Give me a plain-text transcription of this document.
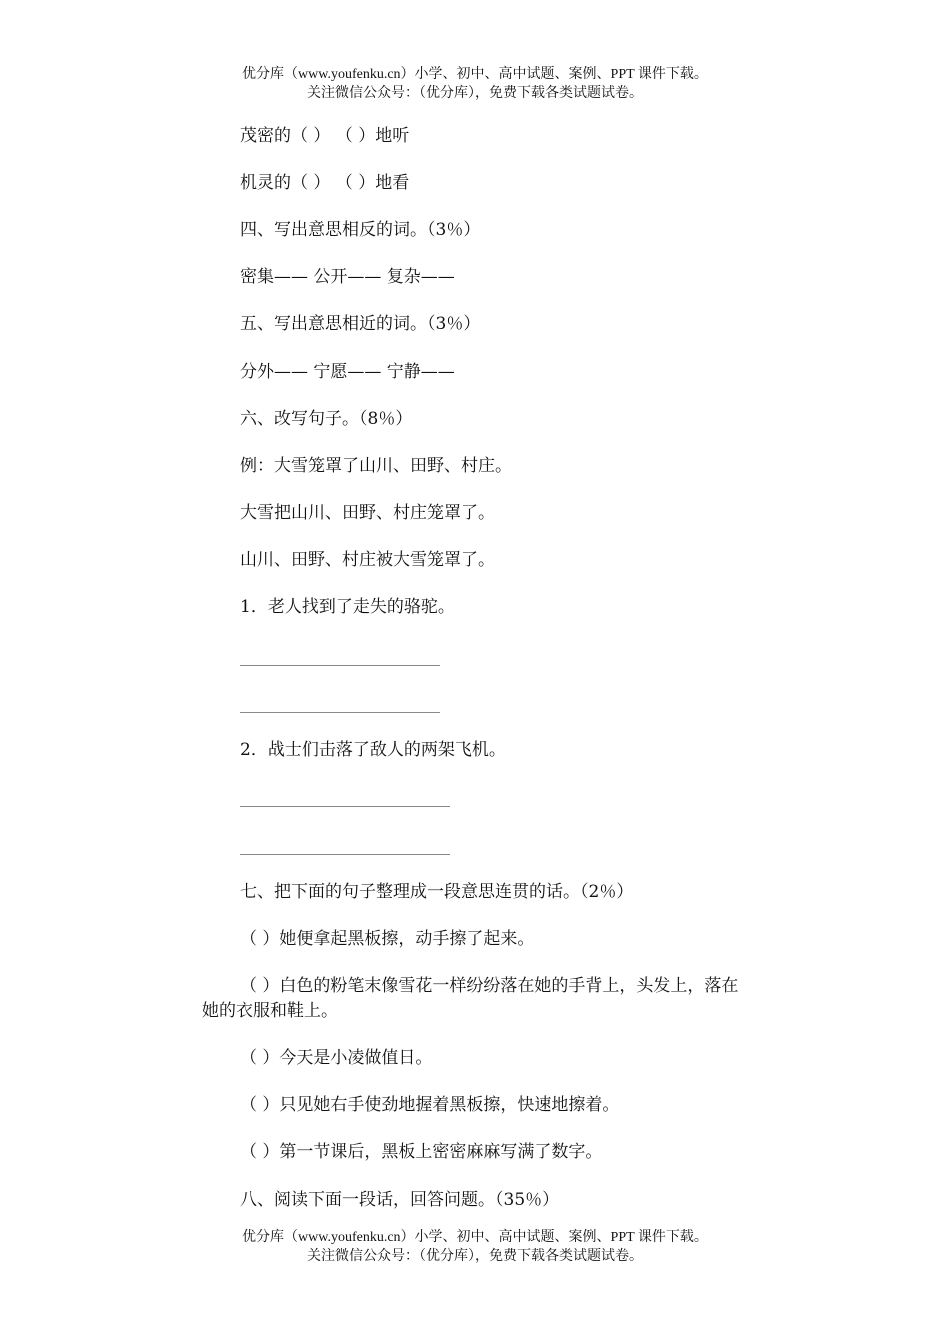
优分库（www.youfenku.cn）小学、初中、高中试题、案例、PPT 课件下载。
关注微信公众号：（优分库），免费下载各类试题试卷。
茂密的（ ） （ ）地听
机灵的（ ） （ ）地看
四、写出意思相反的词。（3％）
密集—— 公开—— 复杂——
五、写出意思相近的词。（3％）
分外—— 宁愿—— 宁静——
六、改写句子。（8％）
例：大雪笼罩了山川、田野、村庄。
大雪把山川、田野、村庄笼罩了。
山川、田野、村庄被大雪笼罩了。
1．老人找到了走失的骆驼。
2．战士们击落了敌人的两架飞机。
七、把下面的句子整理成一段意思连贯的话。（2％）
（ ）她便拿起黑板擦，动手擦了起来。
（ ）白色的粉笔末像雪花一样纷纷落在她的手背上，头发上，落在
她的衣服和鞋上。
（ ）今天是小凌做值日。
（ ）只见她右手使劲地握着黑板擦，快速地擦着。
（ ）第一节课后，黑板上密密麻麻写满了数字。
八、阅读下面一段话，回答问题。（35％）
优分库（www.youfenku.cn）小学、初中、高中试题、案例、PPT 课件下载。
关注微信公众号：（优分库），免费下载各类试题试卷。
